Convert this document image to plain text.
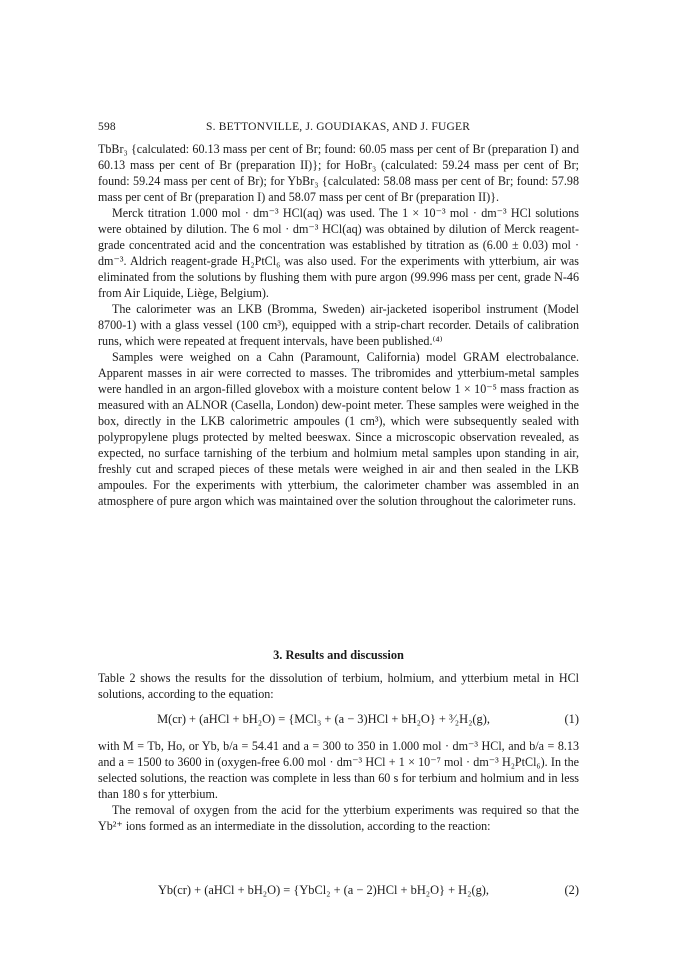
598	S. BETTONVILLE, J. GOUDIAKAS, AND J. FUGER

TbBr₃ {calculated: 60.13 mass per cent of Br; found: 60.05 mass per cent of Br (preparation I) and 60.13 mass per cent of Br (preparation II)}; for HoBr₃ (calculated: 59.24 mass per cent of Br; found: 59.24 mass per cent of Br); for YbBr₃ {calculated: 58.08 mass per cent of Br; found: 57.98 mass per cent of Br (preparation I) and 58.07 mass per cent of Br (preparation II)}.

Merck titration 1.000 mol · dm⁻³ HCl(aq) was used. The 1 × 10⁻³ mol · dm⁻³ HCl solutions were obtained by dilution. The 6 mol · dm⁻³ HCl(aq) was obtained by dilution of Merck reagent-grade concentrated acid and the concentration was established by titration as (6.00 ± 0.03) mol · dm⁻³. Aldrich reagent-grade H₂PtCl₆ was also used. For the experiments with ytterbium, air was eliminated from the solutions by flushing them with pure argon (99.996 mass per cent, grade N-46 from Air Liquide, Liège, Belgium).

The calorimeter was an LKB (Bromma, Sweden) air-jacketed isoperibol instrument (Model 8700-1) with a glass vessel (100 cm³), equipped with a strip-chart recorder. Details of calibration runs, which were repeated at frequent intervals, have been published.⁽⁴⁾

Samples were weighed on a Cahn (Paramount, California) model GRAM electrobalance. Apparent masses in air were corrected to masses. The tribromides and ytterbium-metal samples were handled in an argon-filled glovebox with a moisture content below 1 × 10⁻⁵ mass fraction as measured with an ALNOR (Casella, London) dew-point meter. These samples were weighed in the box, directly in the LKB calorimetric ampoules (1 cm³), which were subsequently sealed with polypropylene plugs protected by melted beeswax. Since a microscopic observation revealed, as expected, no surface tarnishing of the terbium and holmium metal samples upon standing in air, freshly cut and scraped pieces of these metals were weighed in air and then sealed in the LKB ampoules. For the experiments with ytterbium, the calorimeter chamber was assembled in an atmosphere of pure argon which was maintained over the solution throughout the calorimeter runs.

3. Results and discussion

Table 2 shows the results for the dissolution of terbium, holmium, and ytterbium metal in HCl solutions, according to the equation:

M(cr) + (aHCl + bH₂O) = {MCl₃ + (a − 3)HCl + bH₂O} + ³⁄₂H₂(g),	(1)

with M = Tb, Ho, or Yb, b/a = 54.41 and a = 300 to 350 in 1.000 mol · dm⁻³ HCl, and b/a = 8.13 and a = 1500 to 3600 in (oxygen-free 6.00 mol · dm⁻³ HCl + 1 × 10⁻⁷ mol · dm⁻³ H₂PtCl₆). In the selected solutions, the reaction was complete in less than 60 s for terbium and holmium and in less than 180 s for ytterbium.

The removal of oxygen from the acid for the ytterbium experiments was required so that the Yb²⁺ ions formed as an intermediate in the dissolution, according to the reaction:

Yb(cr) + (aHCl + bH₂O) = {YbCl₂ + (a − 2)HCl + bH₂O} + H₂(g),	(2)
